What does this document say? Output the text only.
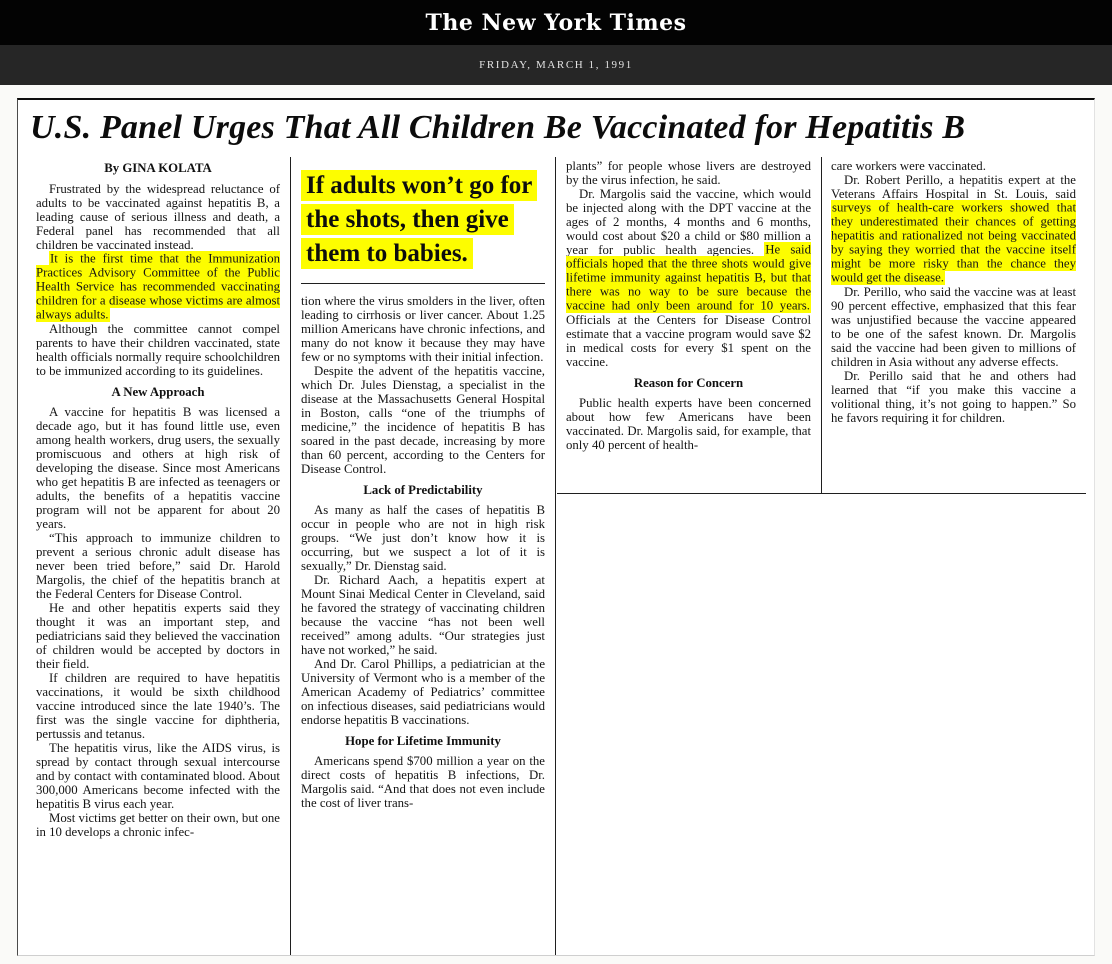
The New York Times
FRIDAY, MARCH 1, 1991
U.S. Panel Urges That All Children Be Vaccinated for Hepatitis B

By GINA KOLATA

Frustrated by the widespread reluctance of adults to be vaccinated against hepatitis B, a leading cause of serious illness and death, a Federal panel has recommended that all children be vaccinated instead.

It is the first time that the Immunization Practices Advisory Committee of the Public Health Service has recommended vaccinating children for a disease whose victims are almost always adults.

Although the committee cannot compel parents to have their children vaccinated, state health officials normally require schoolchildren to be immunized according to its guidelines.

A New Approach

A vaccine for hepatitis B was licensed a decade ago, but it has found little use, even among health workers, drug users, the sexually promiscuous and others at high risk of developing the disease. Since most Americans who get hepatitis B are infected as teenagers or adults, the benefits of a hepatitis vaccine program will not be apparent for about 20 years.

“This approach to immunize children to prevent a serious chronic adult disease has never been tried before,” said Dr. Harold Margolis, the chief of the hepatitis branch at the Federal Centers for Disease Control.

He and other hepatitis experts said they thought it was an important step, and pediatricians said they believed the vaccination of children would be accepted by doctors in their field.

If children are required to have hepatitis vaccinations, it would be sixth childhood vaccine introduced since the late 1940’s. The first was the single vaccine for diphtheria, pertussis and tetanus.

The hepatitis virus, like the AIDS virus, is spread by contact through sexual intercourse and by contact with contaminated blood. About 300,000 Americans become infected with the hepatitis B virus each year.

Most victims get better on their own, but one in 10 develops a chronic infec-

If adults won’t go for the shots, then give them to babies.

tion where the virus smolders in the liver, often leading to cirrhosis or liver cancer. About 1.25 million Americans have chronic infections, and many do not know it because they may have few or no symptoms with their initial infection.

Despite the advent of the hepatitis vaccine, which Dr. Jules Dienstag, a specialist in the disease at the Massachusetts General Hospital in Boston, calls “one of the triumphs of medicine,” the incidence of hepatitis B has soared in the past decade, increasing by more than 60 percent, according to the Centers for Disease Control.

Lack of Predictability

As many as half the cases of hepatitis B occur in people who are not in high risk groups. “We just don’t know how it is occurring, but we suspect a lot of it is sexually,” Dr. Dienstag said.

Dr. Richard Aach, a hepatitis expert at Mount Sinai Medical Center in Cleveland, said he favored the strategy of vaccinating children because the vaccine “has not been well received” among adults. “Our strategies just have not worked,” he said.

And Dr. Carol Phillips, a pediatrician at the University of Vermont who is a member of the American Academy of Pediatrics’ committee on infectious diseases, said pediatricians would endorse hepatitis B vaccinations.

Hope for Lifetime Immunity

Americans spend $700 million a year on the direct costs of hepatitis B infections, Dr. Margolis said. “And that does not even include the cost of liver trans-

plants” for people whose livers are destroyed by the virus infection, he said.

Dr. Margolis said the vaccine, which would be injected along with the DPT vaccine at the ages of 2 months, 4 months and 6 months, would cost about $20 a child or $80 million a year for public health agencies. He said officials hoped that the three shots would give lifetime immunity against hepatitis B, but that there was no way to be sure because the vaccine had only been around for 10 years. Officials at the Centers for Disease Control estimate that a vaccine program would save $2 in medical costs for every $1 spent on the vaccine.

Reason for Concern

Public health experts have been concerned about how few Americans have been vaccinated. Dr. Margolis said, for example, that only 40 percent of health-

care workers were vaccinated.

Dr. Robert Perillo, a hepatitis expert at the Veterans Affairs Hospital in St. Louis, said surveys of health-care workers showed that they underestimated their chances of getting hepatitis and rationalized not being vaccinated by saying they worried that the vaccine itself might be more risky than the chance they would get the disease.

Dr. Perillo, who said the vaccine was at least 90 percent effective, emphasized that this fear was unjustified because the vaccine appeared to be one of the safest known. Dr. Margolis said the vaccine had been given to millions of children in Asia without any adverse effects.

Dr. Perillo said that he and others had learned that “if you make this vaccine a volitional thing, it’s not going to happen.” So he favors requiring it for children.
